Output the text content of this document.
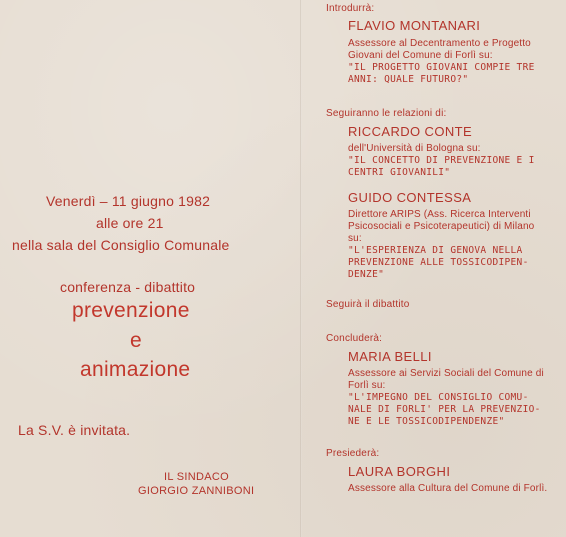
Venerdì – 11 giugno 1982
alle ore 21
nella sala del Consiglio Comunale
conferenza - dibattito
prevenzione
e
animazione
La S.V. è invitata.
IL SINDACO
GIORGIO ZANNIBONI
Introdurrà:
FLAVIO MONTANARI
Assessore al Decentramento e Progetto
Giovani del Comune di Forlì su:
"IL PROGETTO GIOVANI COMPIE TRE
ANNI: QUALE FUTURO?"
Seguiranno le relazioni di:
RICCARDO CONTE
dell'Università di Bologna su:
"IL CONCETTO DI PREVENZIONE E I
CENTRI GIOVANILI"
GUIDO CONTESSA
Direttore ARIPS (Ass. Ricerca Interventi
Psicosociali e Psicoterapeutici) di Milano
su:
"L'ESPERIENZA DI GENOVA NELLA
PREVENZIONE ALLE TOSSICODIPEN-
DENZE"
Seguirà il dibattito
Concluderà:
MARIA BELLI
Assessore ai Servizi Sociali del Comune di
Forlì su:
"L'IMPEGNO DEL CONSIGLIO COMU-
NALE DI FORLI' PER LA PREVENZIO-
NE E LE TOSSICODIPENDENZE"
Presiederà:
LAURA BORGHI
Assessore alla Cultura del Comune di Forlì.
